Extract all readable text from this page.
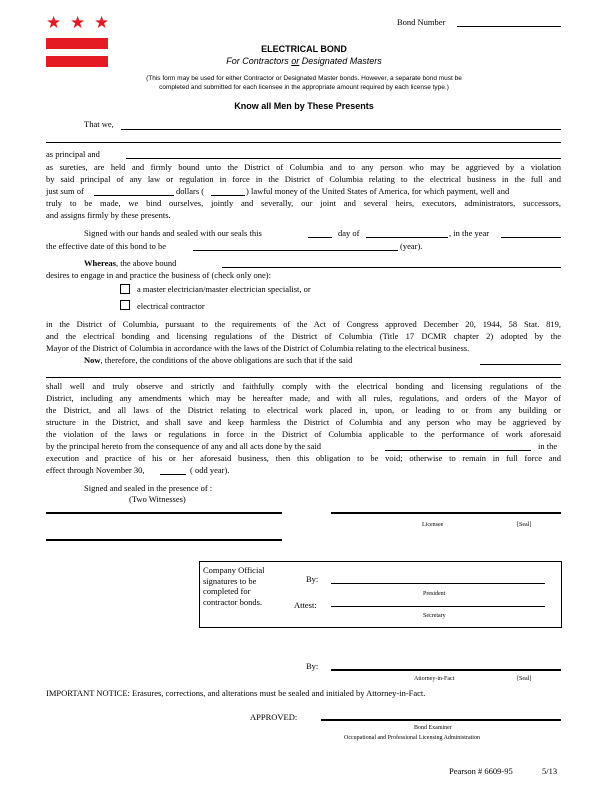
★ ★ ★	Bond Number
ELECTRICAL BOND
For Contractors or Designated Masters
(This form may be used for either Contractor or Designated Master bonds. However, a separate bond must be
completed and submitted for each licensee in the appropriate amount required by each license type.)
Know all Men by These Presents
That we,
as principal and
as sureties, are held and firmly bound unto the District of Columbia and to any person who may be aggrieved by a violation
by said principal of any law or regulation in force in the District of Columbia relating to the electrical business in the full and
just sum of	dollars (	) lawful money of the United States of America, for which payment, well and
truly to be made, we bind ourselves, jointly and severally, our joint and several heirs, executors, administrators, successors,
and assigns firmly by these presents.
Signed with our hands and sealed with our seals this	day of	, in the year
the effective date of this bond to be	(year).
Whereas, the above bound
desires to engage in and practice the business of (check only one):
a master electrician/master electrician specialist, or
electrical contractor
in the District of Columbia, pursuant to the requirements of the Act of Congress approved December 20, 1944, 58 Stat. 819,
and the electrical bonding and licensing regulations of the District of Columbia (Title 17 DCMR chapter 2) adopted by the
Mayor of the District of Columbia in accordance with the laws of the District of Columbia relating to the electrical business.
Now, therefore, the conditions of the above obligations are such that if the said
shall well and truly observe and strictly and faithfully comply with the electrical bonding and licensing regulations of the
District, including any amendments which may be hereafter made, and with all rules, regulations, and orders of the Mayor of
the District, and all laws of the District relating to electrical work placed in, upon, or leading to or from any building or
structure in the District, and shall save and keep harmless the District of Columbia and any person who may be aggrieved by
the violation of the laws or regulations in force in the District of Columbia applicable to the performance of work aforesaid
by the principal hereto from the consequence of any and all acts done by the said	in the
execution and practice of his or her aforesaid business, then this obligation to be void; otherwise to remain in full force and
effect through November 30,	( odd year).
Signed and sealed in the presence of :
(Two Witnesses)
Licensee	[Seal]
Company Official
signatures to be
completed for
contractor bonds.
By:
President
Attest:
Secretary
By:
Attorney-in-Fact	[Seal]
IMPORTANT NOTICE: Erasures, corrections, and alterations must be sealed and initialed by Attorney-in-Fact.
APPROVED:
Bond Examiner
Occupational and Professional Licensing Administration
Pearson # 6609-95	5/13
